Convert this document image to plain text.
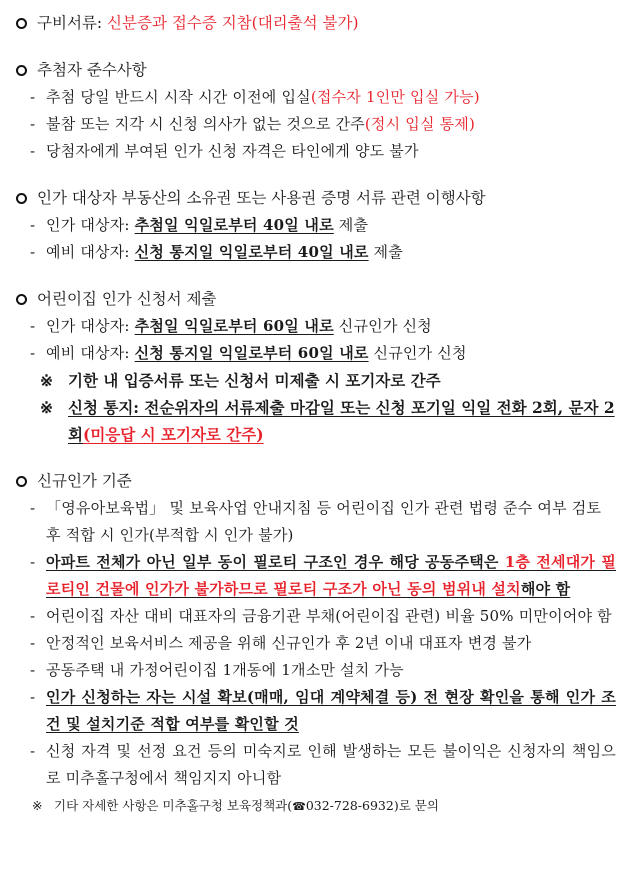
구비서류: 신분증과 접수증 지참(대리출석 불가)
추첨자 준수사항
- 추첨 당일 반드시 시작 시간 이전에 입실(접수자 1인만 입실 가능)
- 불참 또는 지각 시 신청 의사가 없는 것으로 간주(정시 입실 통제)
- 당첨자에게 부여된 인가 신청 자격은 타인에게 양도 불가
인가 대상자 부동산의 소유권 또는 사용권 증명 서류 관련 이행사항
- 인가 대상자: 추첨일 익일로부터 40일 내로 제출
- 예비 대상자: 신청 통지일 익일로부터 40일 내로 제출
어린이집 인가 신청서 제출
- 인가 대상자: 추첨일 익일로부터 60일 내로 신규인가 신청
- 예비 대상자: 신청 통지일 익일로부터 60일 내로 신규인가 신청
※ 기한 내 입증서류 또는 신청서 미제출 시 포기자로 간주
※ 신청 통지: 전순위자의 서류제출 마감일 또는 신청 포기일 익일 전화 2회, 문자 2회(미응답 시 포기자로 간주)
신규인가 기준
- 「영유아보육법」 및 보육사업 안내지침 등 어린이집 인가 관련 법령 준수 여부 검토 후 적합 시 인가(부적합 시 인가 불가)
- 아파트 전체가 아닌 일부 동이 필로티 구조인 경우 해당 공동주택은 1층 전세대가 필로티인 건물에 인가가 불가하므로 필로티 구조가 아닌 동의 범위내 설치해야 함
- 어린이집 자산 대비 대표자의 금융기관 부채(어린이집 관련) 비율 50% 미만이어야 함
- 안정적인 보육서비스 제공을 위해 신규인가 후 2년 이내 대표자 변경 불가
- 공동주택 내 가정어린이집 1개동에 1개소만 설치 가능
- 인가 신청하는 자는 시설 확보(매매, 임대 계약체결 등) 전 현장 확인을 통해 인가 조건 및 설치기준 적합 여부를 확인할 것
- 신청 자격 및 선정 요건 등의 미숙지로 인해 발생하는 모든 불이익은 신청자의 책임으로 미추홀구청에서 책임지지 아니함
※ 기타 자세한 사항은 미추홀구청 보육정책과(☎032-728-6932)로 문의
